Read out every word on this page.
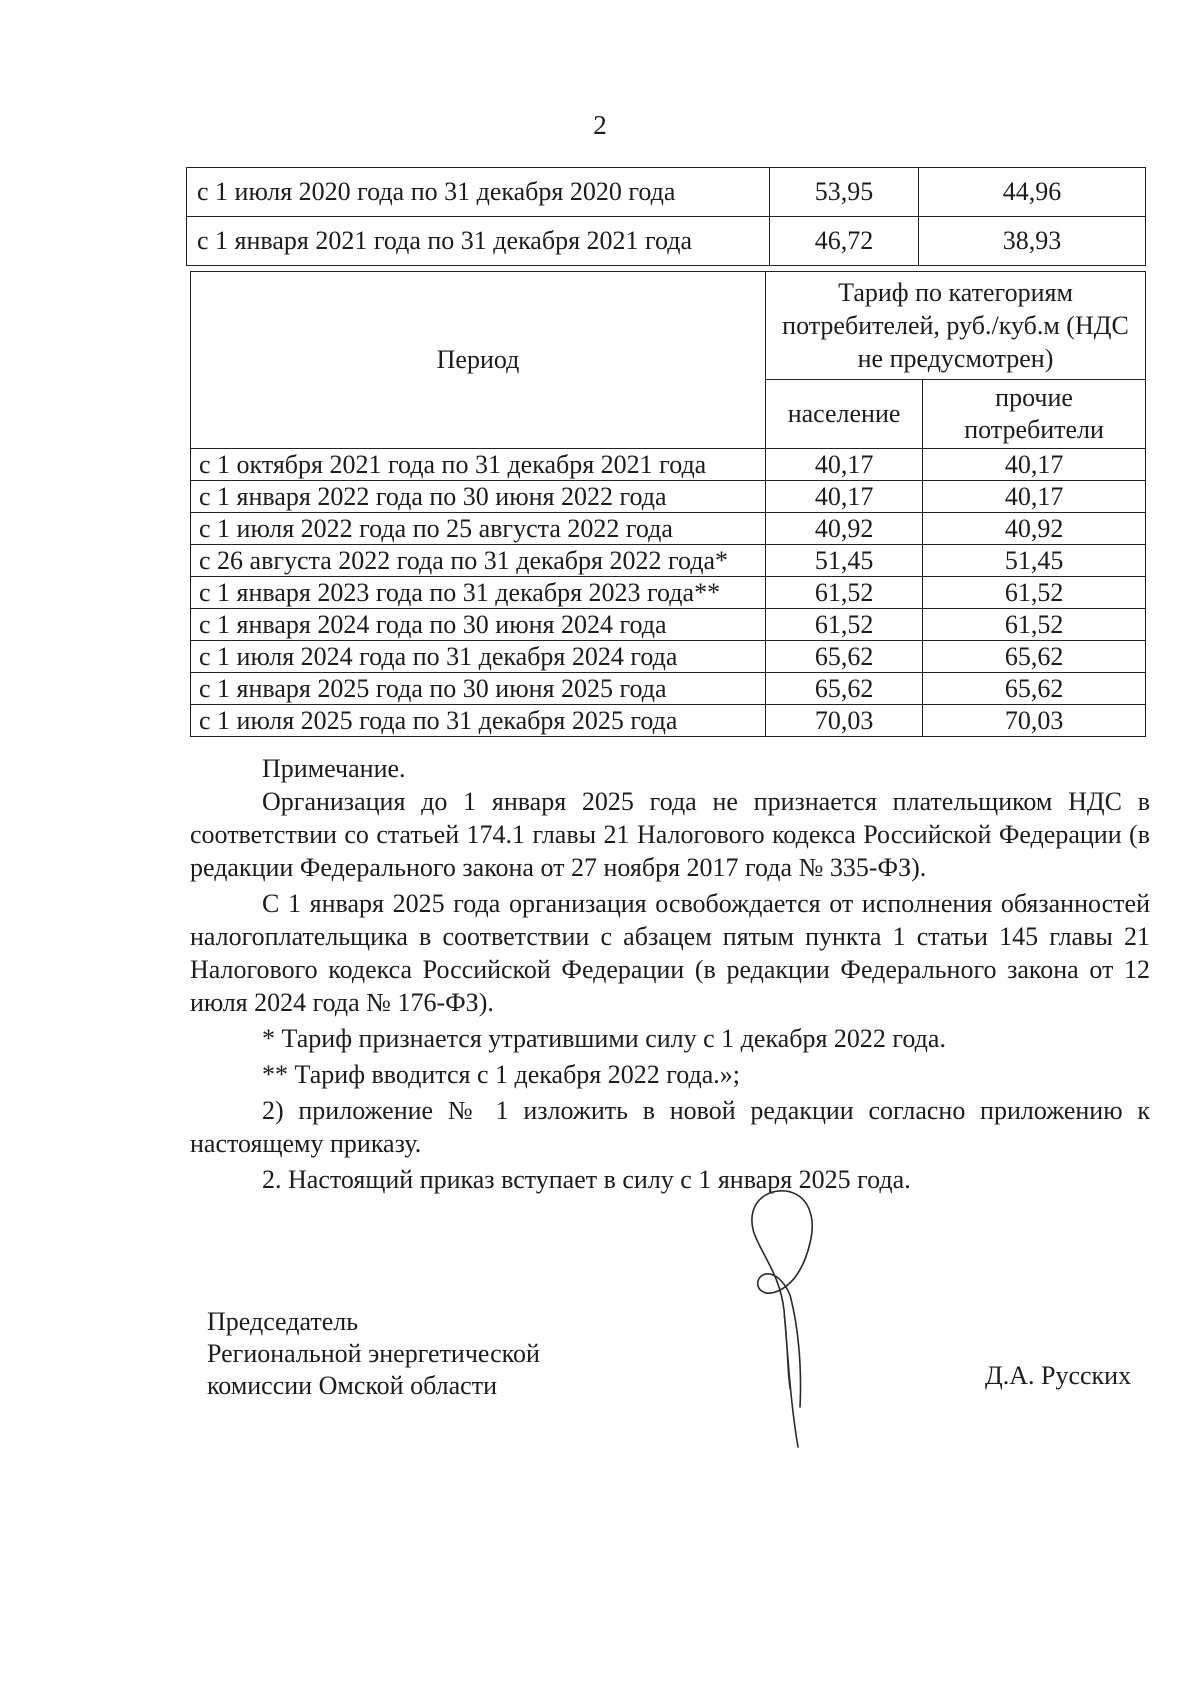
2
с 1 июля 2020 года по 31 декабря 2020 года	53,95	44,96
с 1 января 2021 года по 31 декабря 2021 года	46,72	38,93
Период	Тариф по категориям потребителей, руб./куб.м (НДС не предусмотрен)	
	население	прочие потребители
с 1 октября 2021 года по 31 декабря 2021 года	40,17	40,17
с 1 января 2022 года по 30 июня 2022 года	40,17	40,17
с 1 июля 2022 года по 25 августа 2022 года	40,92	40,92
с 26 августа 2022 года по 31 декабря 2022 года*	51,45	51,45
с 1 января 2023 года по 31 декабря 2023 года**	61,52	61,52
с 1 января 2024 года по 30 июня 2024 года	61,52	61,52
с 1 июля 2024 года по 31 декабря 2024 года	65,62	65,62
с 1 января 2025 года по 30 июня 2025 года	65,62	65,62
с 1 июля 2025 года по 31 декабря 2025 года	70,03	70,03

Примечание.

Организация до 1 января 2025 года не признается плательщиком НДС в соответствии со статьей 174.1 главы 21 Налогового кодекса Российской Федерации (в редакции Федерального закона от 27 ноября 2017 года № 335-ФЗ).

С 1 января 2025 года организация освобождается от исполнения обязанностей налогоплательщика в соответствии с абзацем пятым пункта 1 статьи 145 главы 21 Налогового кодекса Российской Федерации (в редакции Федерального закона от 12 июля 2024 года № 176-ФЗ).

* Тариф признается утратившими силу с 1 декабря 2022 года.

** Тариф вводится с 1 декабря 2022 года.»;

2) приложение № 1 изложить в новой редакции согласно приложению к настоящему приказу.

2. Настоящий приказ вступает в силу с 1 января 2025 года.

Председатель
Региональной энергетической
комиссии Омской области	Д.А. Русских
